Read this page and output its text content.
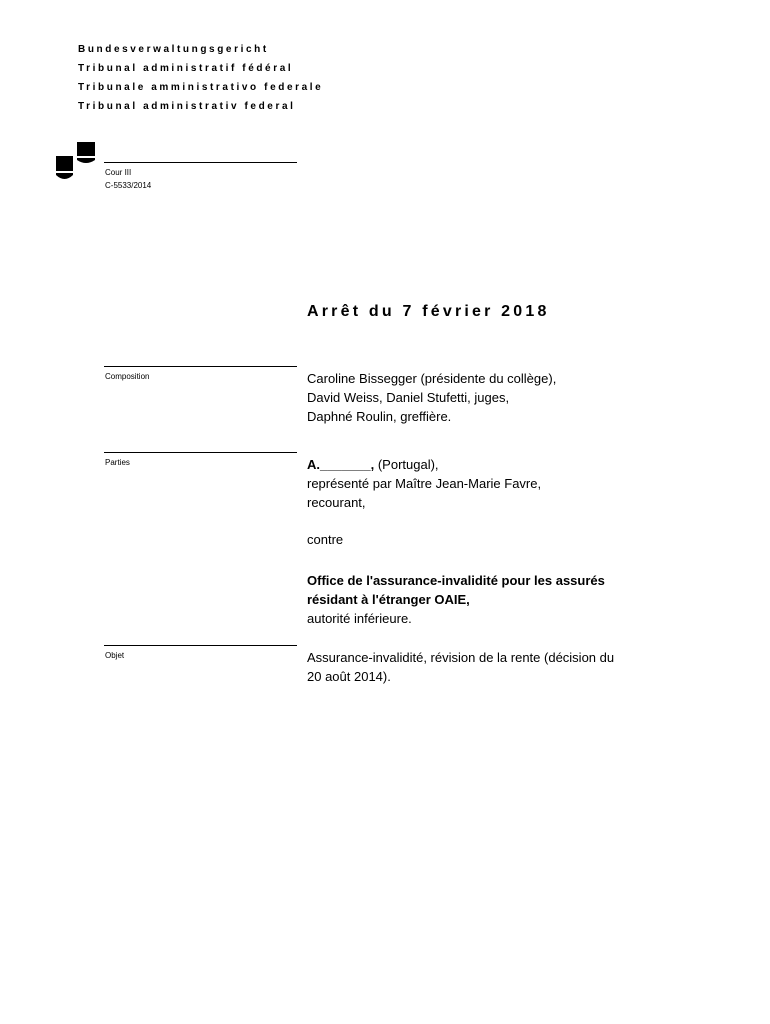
Bundesverwaltungsgericht
Tribunal administratif fédéral
Tribunale amministrativo federale
Tribunal administrativ federal
Cour III
C-5533/2014
Arrêt du 7 février 2018
Composition	Caroline Bissegger (présidente du collège),
David Weiss, Daniel Stufetti, juges,
Daphné Roulin, greffière.
Parties	A._______, (Portugal),
représenté par Maître Jean-Marie Favre,
recourant,
contre
Office de l'assurance-invalidité pour les assurés
résidant à l'étranger OAIE,
autorité inférieure.
Objet	Assurance-invalidité, révision de la rente (décision du
20 août 2014).
